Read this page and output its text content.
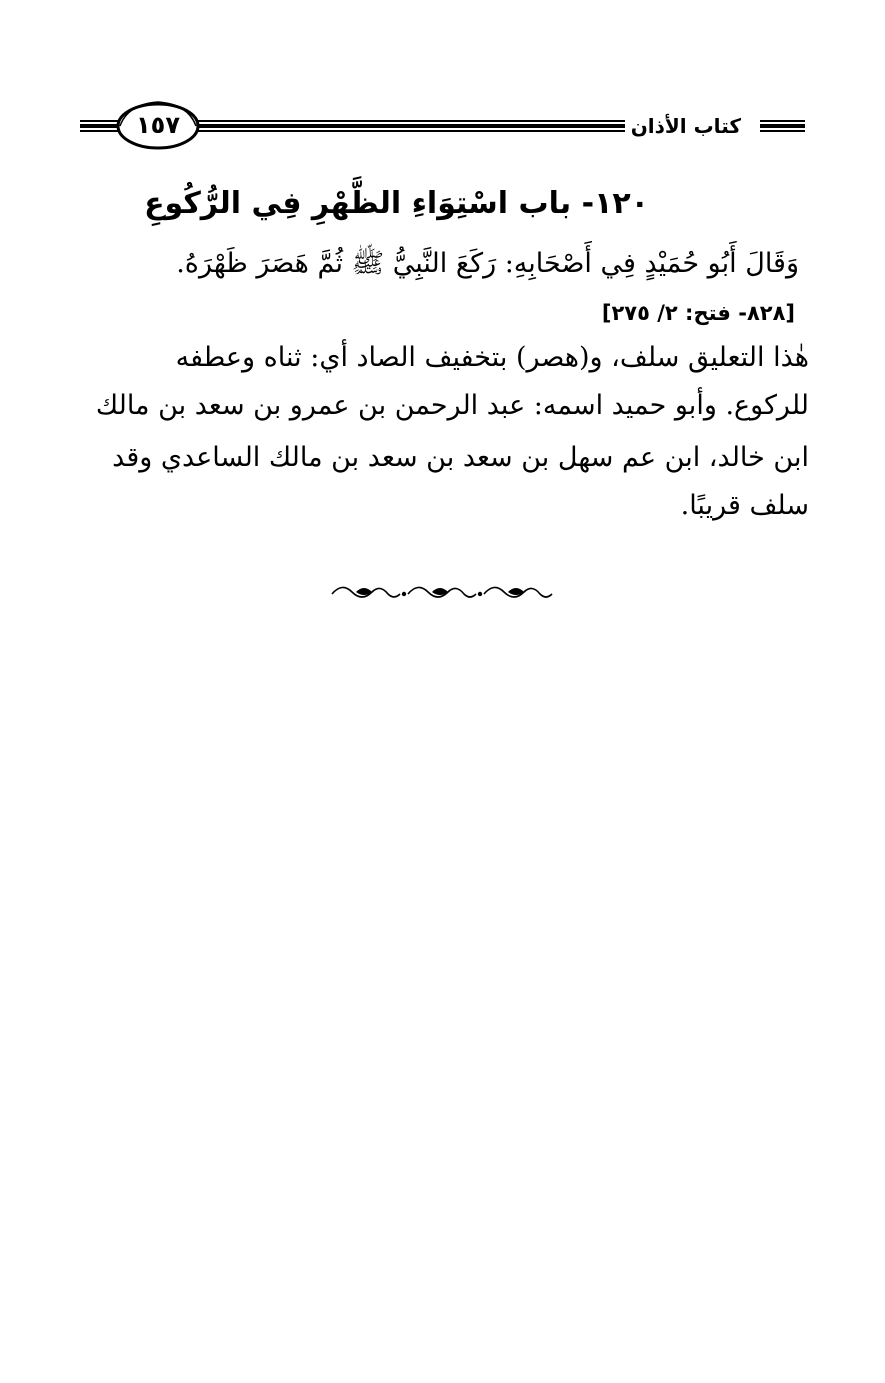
كتاب الأذان
١٥٧
١٢٠- باب اسْتِوَاءِ الظَّهْرِ فِي الرُّكُوعِ
وَقَالَ أَبُو حُمَيْدٍ فِي أَصْحَابِهِ: رَكَعَ النَّبِيُّ ﷺ ثُمَّ هَصَرَ ظَهْرَهُ.
[٨٢٨- فتح: ٢/ ٢٧٥]
هٰذا التعليق سلف، و(هصر) بتخفيف الصاد أي: ثناه وعطفه
للركوع. وأبو حميد اسمه: عبد الرحمن بن عمرو بن سعد بن مالك
ابن خالد، ابن عم سهل بن سعد بن سعد بن مالك الساعدي وقد
سلف قريبًا.
